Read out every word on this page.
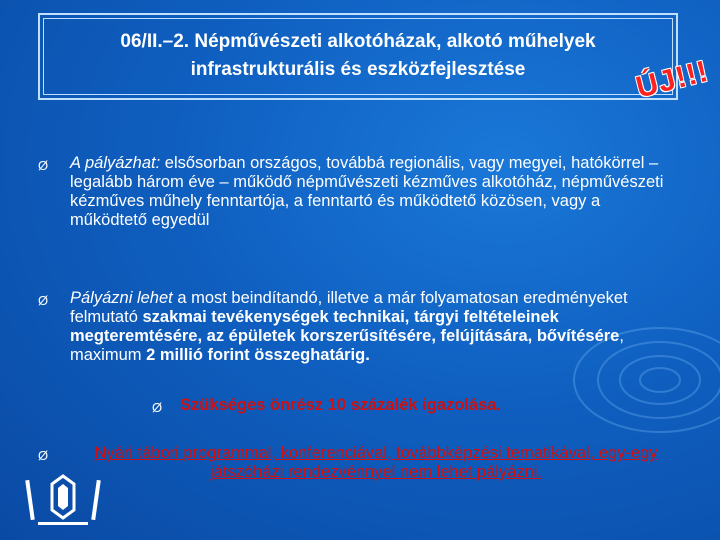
06/II.–2. Népművészeti alkotóházak, alkotó műhelyek
infrastrukturális és eszközfejlesztése	ÚJ!!!
Ø A pályázhat: elsősorban országos, továbbá regionális, vagy megyei, hatókörrel – legalább három éve – működő népművészeti kézműves alkotóház, népművészeti kézműves műhely fenntartója, a fenntartó és működtető közösen, vagy a működtető egyedül
Ø Pályázni lehet a most beindítandó, illetve a már folyamatosan eredményeket felmutató szakmai tevékenységek technikai, tárgyi feltételeinek megteremtésére, az épületek korszerűsítésére, felújítására, bővítésére, maximum 2 millió forint összeghatárig.
Ø Szükséges önrész 10 százalék igazolása.
Ø	Nyári tábori programmal, konferenciával, továbbképzési tematikával, egy-egy játszóházi rendezvénnyel nem lehet pályázni.
